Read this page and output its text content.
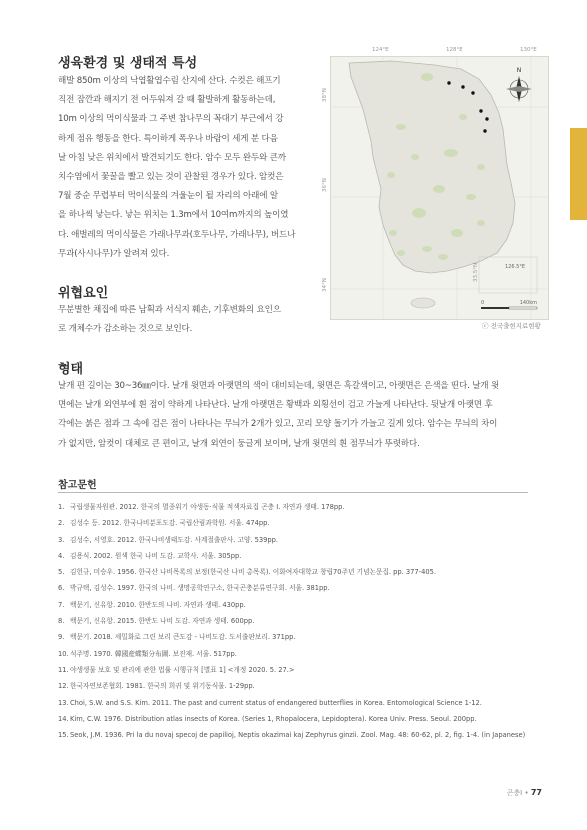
생육환경 및 생태적 특성

해발 850m 이상의 낙엽활엽수림 산지에 산다. 수컷은 해프기

직전 잠깐과 해지기 전 어두워져 갈 때 활발하게 활동하는데,

10m 이상의 먹이식물과 그 주변 참나무의 꼭대기 부근에서 강

하게 점유 행동을 한다. 특이하게 폭우나 바람이 세게 분 다음

날 아침 낮은 위치에서 발견되기도 한다. 암수 모두 완두와 큰까

치수염에서 꽃꿀을 빨고 있는 것이 관찰된 경우가 있다. 암컷은

7월 중순 무렵부터 먹이식물의 겨울눈이 될 자리의 아래에 알

을 하나씩 낳는다. 낳는 위치는 1.3m에서 10여m까지의 높이였

다. 애벌레의 먹이식물은 가래나무과(호두나무, 가래나무), 버드나

무과(사시나무)가 알려져 있다.

위협요인

무분별한 채집에 따른 남획과 서식지 훼손, 기후변화의 요인으

로 개체수가 감소하는 것으로 보인다.

N
0	140km
126.5°E
124°E	128°E	130°E
38°N
36°N
34°N
33.5°N
ⓒ 전국출현지료현황
형태

날개 편 길이는 30~36㎜이다. 날개 윗면과 아랫면의 색이 대비되는데, 윗면은 흑갈색이고, 아랫면은 은색을 띤다. 날개 윗

면에는 날개 외연부에 흰 점이 약하게 나타난다. 날개 아랫면은 황백과 외횡선이 검고 가늘게 나타난다. 뒷날개 아랫면 후

각에는 붉은 점과 그 속에 검은 점이 나타나는 무늬가 2개가 있고, 꼬리 모양 돌기가 가늘고 길게 있다. 암수는 무늬의 차이

가 없지만, 암컷이 대체로 큰 편이고, 날개 외연이 둥글게 보이며, 날개 윗면의 흰 점무늬가 뚜렷하다.

참고문헌
1. 국립생물자원관. 2012. 한국의 멸종위기 야생동·식물 적색자료집 곤충 I. 자연과 생태. 178pp.
2. 김성수 등. 2012. 한국나비분포도감. 국립산림과학원. 서울. 474pp.
3. 김성수, 서영호. 2012. 한국나비생태도감. 사계절출판사. 고양. 539pp.
4. 김용식. 2002. 원색 한국 나비 도감. 교학사. 서울. 305pp.
5. 김헌규, 미승우. 1956. 한국산 나비목록의 보정(한국산 나비 총목록). 이화여자대학교 창립70주년 기념논문집. pp. 377-405.
6. 박규택, 김성수. 1997. 한국의 나비. 생명공학연구소, 한국곤충분류연구회. 서울. 381pp.
7. 백문기, 신유항. 2010. 한반도의 나비. 자연과 생태. 430pp.
8. 백문기, 신유항. 2015. 한반도 나비 도감. 자연과 생태. 600pp.
9. 백문기. 2018. 세밀화로 그린 보리 큰도감 - 나비도감. 도서출판보리. 371pp.
10. 석주명. 1970. 韓國産蝶類分布圖. 보진재. 서울. 517pp.
11. 야생생물 보호 및 관리에 관한 법률 시행규칙 [별표 1] <개정 2020. 5. 27.>
12. 한국자연보존협회. 1981. 한국의 희귀 및 위기동식물. 1-29pp.
13. Choi, S.W. and S.S. Kim. 2011. The past and current status of endangered butterflies in Korea. Entomological Science 1-12.
14. Kim, C.W. 1976. Distribution atlas insects of Korea. (Series 1, Rhopalocera, Lepidoptera). Korea Univ. Press. Seoul. 200pp.
15. Seok, J.M. 1936. Pri la du novaj specoj de papilioj, Neptis okazimai kaj Zephyrus ginzii. Zool. Mag. 48: 60-62, pl. 2, fig. 1-4. (in Japanese)
곤충Ⅰ • 77
